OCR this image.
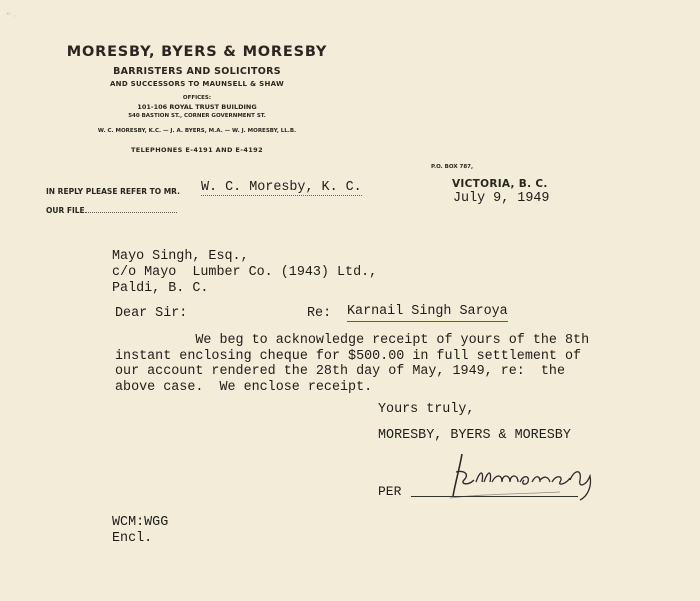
“ ·
MORESBY, BYERS & MORESBY
BARRISTERS AND SOLICITORS
AND SUCCESSORS TO MAUNSELL & SHAW
OFFICES:
101-106 ROYAL TRUST BUILDING
540 BASTION ST., CORNER GOVERNMENT ST.
W. C. MORESBY, K.C. — J. A. BYERS, M.A. — W. J. MORESBY, LL.B.
TELEPHONES E-4191 AND E-4192
IN REPLY PLEASE REFER TO MR.
OUR FILE
P.O. BOX 787,
VICTORIA, B. C.
W. C. Moresby, K. C.
July 9, 1949
Mayo Singh, Esq.,
c/o Mayo  Lumber Co. (1943) Ltd.,
Paldi, B. C.
Dear Sir:	Re: Karnail Singh Saroya
We beg to acknowledge receipt of yours of the 8th
instant enclosing cheque for $500.00 in full settlement of
our account rendered the 28th day of May, 1949, re:  the
above case.  We enclose receipt.
Yours truly,
MORESBY, BYERS & MORESBY
PER
WCM:WGG
Encl.
